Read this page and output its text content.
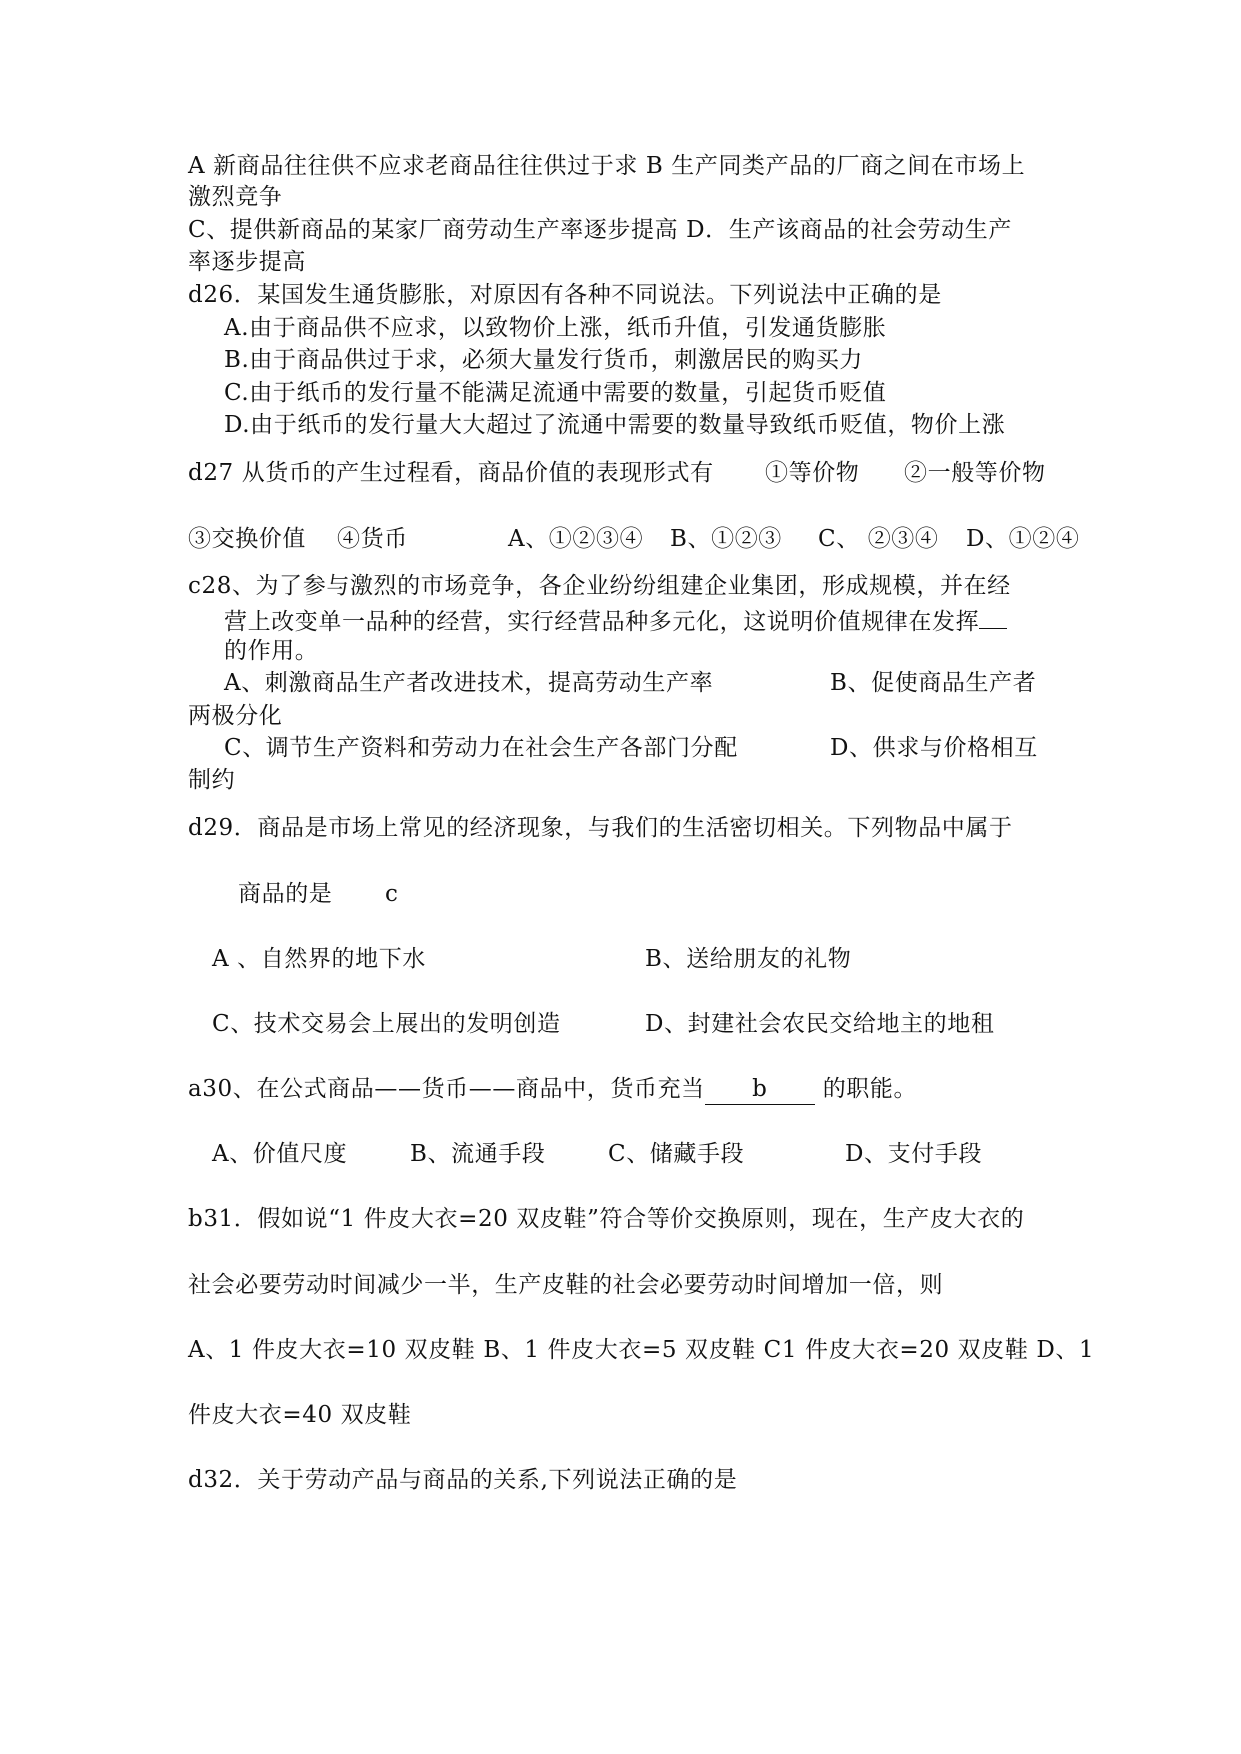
A 新商品往往供不应求老商品往往供过于求 B 生产同类产品的厂商之间在市场上
激烈竞争
C、提供新商品的某家厂商劳动生产率逐步提高 D．生产该商品的社会劳动生产
率逐步提高
d26．某国发生通货膨胀，对原因有各种不同说法。下列说法中正确的是
A.由于商品供不应求，以致物价上涨，纸币升值，引发通货膨胀
B.由于商品供过于求，必须大量发行货币，刺激居民的购买力
C.由于纸币的发行量不能满足流通中需要的数量，引起货币贬值
D.由于纸币的发行量大大超过了流通中需要的数量导致纸币贬值，物价上涨
d27 从货币的产生过程看，商品价值的表现形式有 ①等价物 ②一般等价物
③交换价值 ④货币	A、①②③④ B、①②③ C、 ②③④ D、①②④
c28、为了参与激烈的市场竞争，各企业纷纷组建企业集团，形成规模，并在经
营上改变单一品种的经营，实行经营品种多元化，这说明价值规律在发挥
的作用。
A、刺激商品生产者改进技术，提高劳动生产率	B、促使商品生产者
两极分化
C、调节生产资料和劳动力在社会生产各部门分配	D、供求与价格相互
制约
d29．商品是市场上常见的经济现象，与我们的生活密切相关。下列物品中属于
商品的是 c
A 、自然界的地下水	B、送给朋友的礼物
C、技术交易会上展出的发明创造	D、封建社会农民交给地主的地租
a30、在公式商品——货币——商品中，货币充当 b 的职能。
A、价值尺度	B、流通手段	C、储藏手段	D、支付手段
b31．假如说“1 件皮大衣=20 双皮鞋”符合等价交换原则，现在，生产皮大衣的
社会必要劳动时间减少一半，生产皮鞋的社会必要劳动时间增加一倍，则
A、1 件皮大衣=10 双皮鞋 B、1 件皮大衣=5 双皮鞋 C1 件皮大衣=20 双皮鞋 D、1
件皮大衣=40 双皮鞋
d32．关于劳动产品与商品的关系,下列说法正确的是
